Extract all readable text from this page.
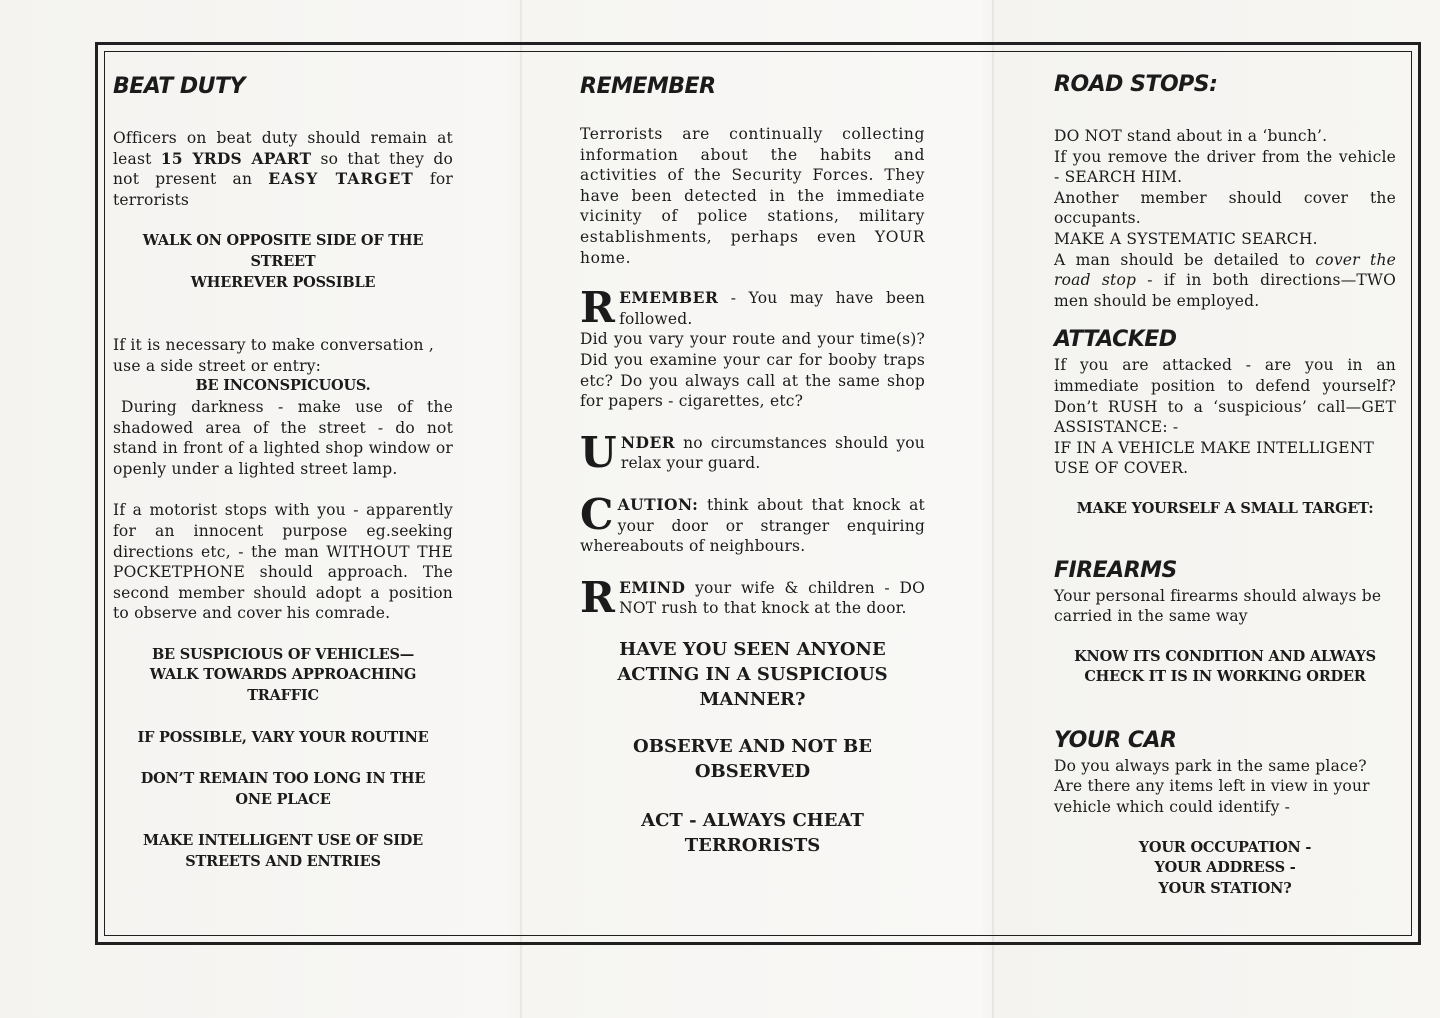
BEAT DUTY

Officers on beat duty should remain at least 15 YRDS APART so that they do not present an EASY TARGET for terrorists

WALK ON OPPOSITE SIDE OF THE
STREET
WHEREVER POSSIBLE

If it is necessary to make conversation , use a side street or entry:

BE INCONSPICUOUS.

During darkness - make use of the shadowed area of the street - do not stand in front of a lighted shop window or openly under a lighted street lamp.

If a motorist stops with you - apparently for an innocent purpose eg.seeking directions etc, - the man WITHOUT THE POCKETPHONE should approach. The second member should adopt a position to observe and cover his comrade.

BE SUSPICIOUS OF VEHICLES—
WALK TOWARDS APPROACHING
TRAFFIC

IF POSSIBLE, VARY YOUR ROUTINE

DON’T REMAIN TOO LONG IN THE
ONE PLACE

MAKE INTELLIGENT USE OF SIDE
STREETS AND ENTRIES

REMEMBER

Terrorists are continually collecting information about the habits and activities of the Security Forces. They have been detected in the immediate vicinity of police stations, military establishments, perhaps even YOUR home.

REMEMBER - You may have been followed.

Did you vary your route and your time(s)? Did you examine your car for booby traps etc? Do you always call at the same shop for papers - cigarettes, etc?

UNDER no circumstances should you relax your guard.
CAUTION: think about that knock at your door or stranger enquiring whereabouts of neighbours.
REMIND your wife & children - DO NOT rush to that knock at the door.

HAVE YOU SEEN ANYONE
ACTING IN A SUSPICIOUS
MANNER?

OBSERVE AND NOT BE
OBSERVED

ACT - ALWAYS CHEAT
TERRORISTS

ROAD STOPS:

DO NOT stand about in a ‘bunch’.

If you remove the driver from the vehicle - SEARCH HIM.

Another member should cover the occupants.

MAKE A SYSTEMATIC SEARCH.

A man should be detailed to cover the road stop - if in both directions—TWO men should be employed.

ATTACKED

If you are attacked - are you in an immediate position to defend yourself? Don’t RUSH to a ‘suspicious’ call—GET ASSISTANCE: -

IF IN A VEHICLE MAKE INTELLIGENT USE OF COVER.

MAKE YOURSELF A SMALL TARGET:

FIREARMS

Your personal firearms should always be carried in the same way

KNOW ITS CONDITION AND ALWAYS
CHECK IT IS IN WORKING ORDER

YOUR CAR

Do you always park in the same place? Are there any items left in view in your vehicle which could identify -

YOUR OCCUPATION -
YOUR ADDRESS -
YOUR STATION?
